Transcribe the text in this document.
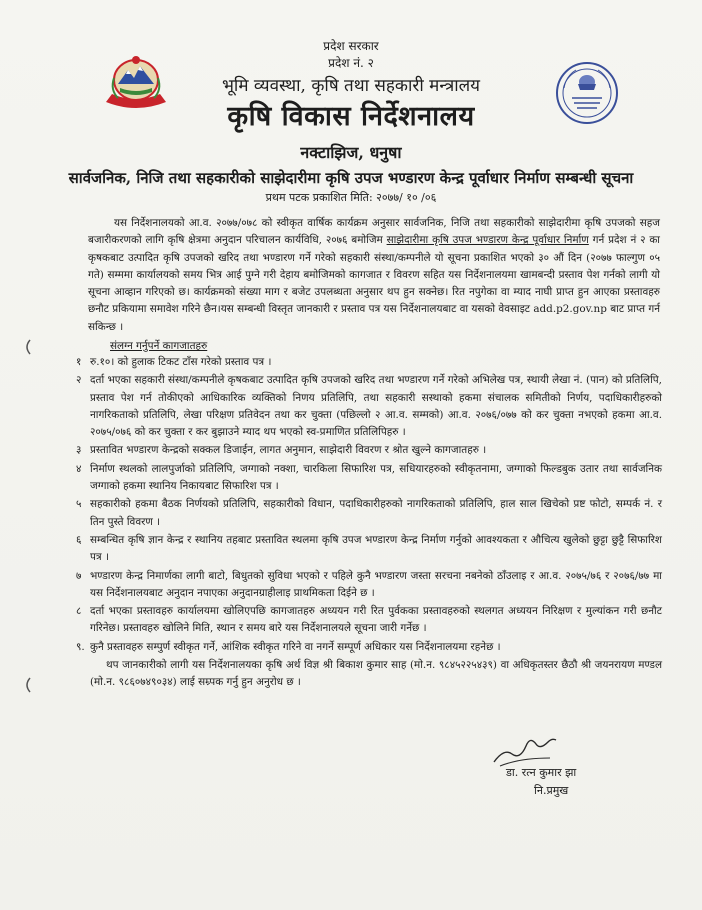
प्रदेश सरकार
प्रदेश नं. २
भूमि व्यवस्था, कृषि तथा सहकारी मन्त्रालय
कृषि विकास निर्देशनालय
नक्टाझिज, धनुषा
सार्वजनिक, निजि तथा सहकारीको साझेदारीमा कृषि उपज भण्डारण केन्द्र पूर्वाधार निर्माण सम्बन्धी सूचना
प्रथम पटक प्रकाशित मिति: २०७७/ १० /०६

यस निर्देशनालयको आ.व. २०७७/०७८ को स्वीकृत वार्षिक कार्यक्रम अनुसार सार्वजनिक, निजि तथा सहकारीको साझेदारीमा कृषि उपजको सहज बजारीकरणको लागि कृषि क्षेत्रमा अनुदान परिचालन कार्यविधि, २०७६ बमोजिम साझेदारीमा कृषि उपज भण्डारण केन्द्र पूर्वाधार निर्माण गर्न प्रदेश नं २ का कृषकबाट उत्पादित कृषि उपजको खरिद तथा भण्डारण गर्ने गरेको सहकारी संस्था/कम्पनीले यो सूचना प्रकाशित भएको ३० औं दिन (२०७७ फाल्गुण ०५ गते) सम्ममा कार्यालयको समय भित्र आई पुग्ने गरी देहाय बमोजिमको कागजात र विवरण सहित यस निर्देशनालयमा खामबन्दी प्रस्ताव पेश गर्नको लागी यो सूचना आव्हान गरिएको छ। कार्यक्रमको संख्या माग र बजेट उपलब्धता अनुसार थप हुन सक्नेछ। रित नपुगेका वा म्याद नाघी प्राप्त हुन आएका प्रस्तावहरु छनौट प्रकियामा समावेश गरिने छैन।यस सम्बन्धी विस्तृत जानकारी र प्रस्ताव पत्र यस निर्देशनालयबाट वा यसको वेवसाइट add.p2.gov.np बाट प्राप्त गर्न सकिन्छ ।

संलग्न गर्नुपर्ने कागजातहरु
१ रु.१०। को हुलाक टिकट टाँस गरेको प्रस्ताव पत्र ।
२ दर्ता भएका सहकारी संस्था/कम्पनीले कृषकबाट उत्पादित कृषि उपजको खरिद तथा भण्डारण गर्ने गरेको अभिलेख पत्र, स्थायी लेखा नं. (पान) को प्रतिलिपि, प्रस्ताव पेश गर्न तोकीएको आधिकारिक व्यक्तिको निणय प्रतिलिपि, तथा सहकारी सस्थाको हकमा संचालक समितीको निर्णय, पदाधिकारीहरुको नागरिकताको प्रतिलिपि, लेखा परिक्षण प्रतिवेदन तथा कर चुक्ता (पछिल्लो २ आ.व. सम्मको) आ.व. २०७६/०७७ को कर चुक्ता नभएको हकमा आ.व. २०७५/०७६ को कर चुक्ता र कर बुझाउने म्याद थप भएको स्व-प्रमाणित प्रतिलिपिहरु ।
३ प्रस्तावित भण्डारण केन्द्रको सक्कल डिजाईन, लागत अनुमान, साझेदारी विवरण र श्रोत खुल्ने कागजातहरु ।
४ निर्माण स्थलको लालपुर्जाको प्रतिलिपि, जग्गाको नक्शा, चारकिला सिफारिश पत्र, सधियारहरुको स्वीकृतनामा, जग्गाको फिल्डबुक उतार तथा सार्वजनिक जग्गाको हकमा स्थानिय निकायबाट सिफारिश पत्र ।
५ सहकारीको हकमा बैठक निर्णयको प्रतिलिपि, सहकारीको विधान, पदाधिकारीहरुको नागरिकताको प्रतिलिपि, हाल साल खिचेको प्रष्ट फोटो, सम्पर्क नं. र तिन पुस्ते विवरण ।
६ सम्बन्धित कृषि ज्ञान केन्द्र र स्थानिय तहबाट प्रस्तावित स्थलमा कृषि उपज भण्डारण केन्द्र निर्माण गर्नुको आवश्यकता र औचित्य खुलेको छुट्टा छुट्टै सिफारिश पत्र ।
७ भण्डारण केन्द्र निमार्णका लागी बाटो, बिधुतको सुविधा भएको र पहिले कुनै भण्डारण जस्ता सरचना नबनेको ठाँउलाइ र आ.व. २०७५/७६ र २०७६/७७ मा यस निर्देशनालयबाट अनुदान नपाएका अनुदानग्राहीलाइ प्राथमिकता दिईने छ ।
८ दर्ता भएका प्रस्तावहरु कार्यालयमा खोलिएपछि कागजातहरु अध्ययन गरी रित पुर्वकका प्रस्तावहरुको स्थलगत अध्ययन निरिक्षण र मुल्यांकन गरी छनौट गरिनेछ। प्रस्तावहरु खोलिने मिति, स्थान र समय बारे यस निर्देशनालयले सूचना जारी गर्नेछ ।
९. कुनै प्रस्तावहरु सम्पुर्ण स्वीकृत गर्ने, आंशिक स्वीकृत गरिने वा नगर्ने सम्पूर्ण अधिकार यस निर्देशनालयमा रहनेछ ।
थप जानकारीको लागी यस निर्देशनालयका कृषि अर्थ विज्ञ श्री बिकाश कुमार साह (मो.न. ९८४५२२५४३९) वा अधिकृतस्तर छैठौ श्री जयनरायण मण्डल (मो.न. ९८६०७४९०३४) लाई सम्र्पक गर्नु हुन अनुरोध छ ।
डा. रत्न कुमार झा
नि.प्रमुख
